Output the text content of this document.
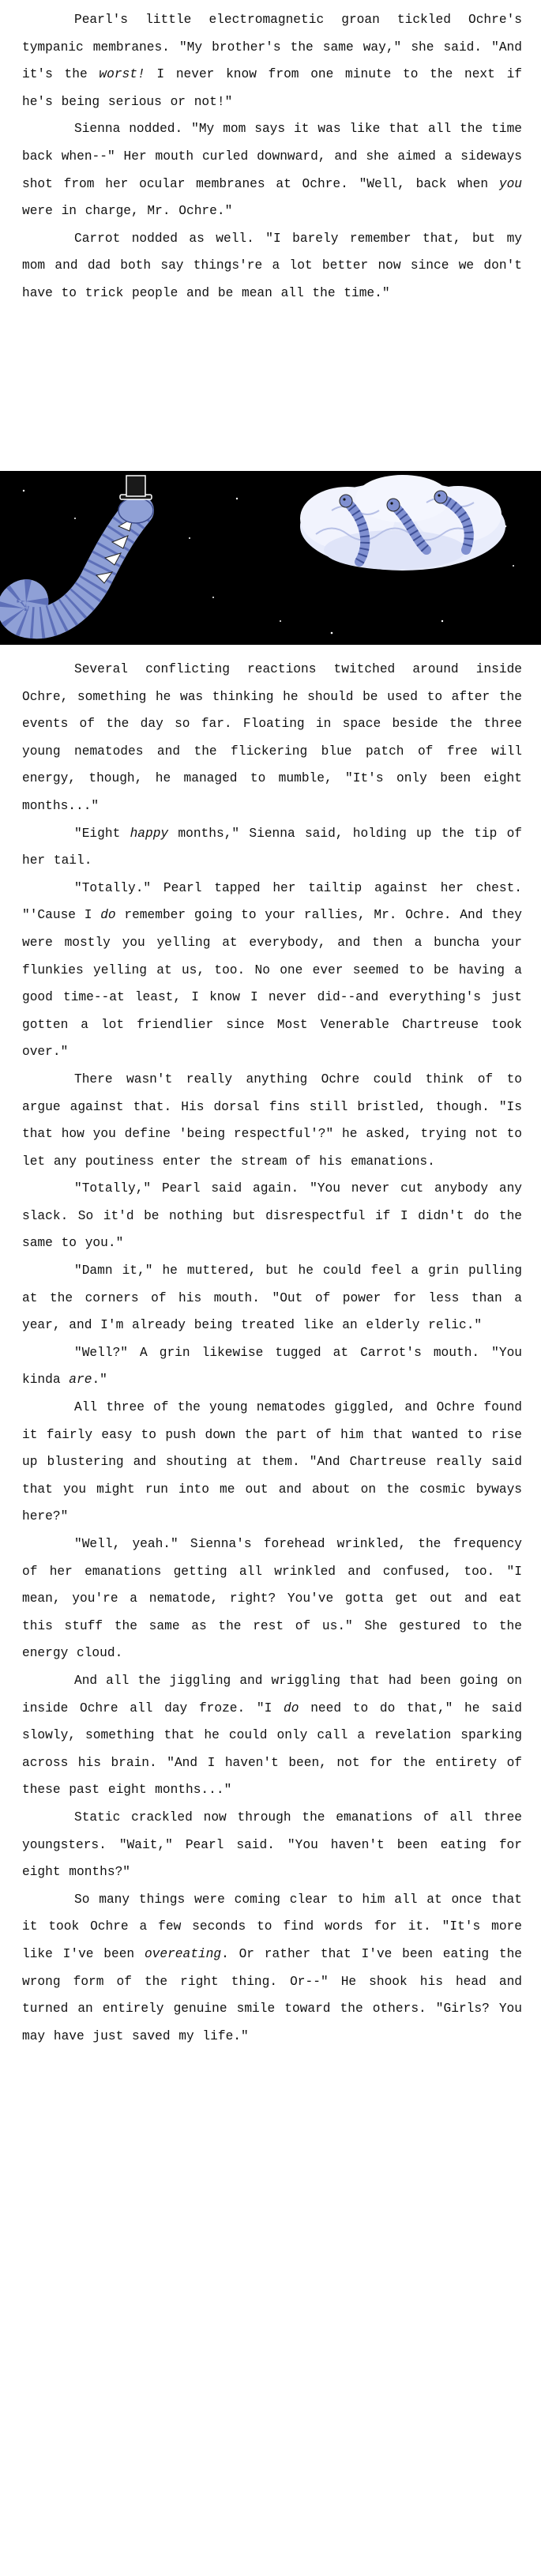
Pearl's little electromagnetic groan tickled Ochre's tympanic membranes. "My brother's the same way," she said. "And it's the worst! I never know from one minute to the next if he's being serious or not!"

Sienna nodded. "My mom says it was like that all the time back when--" Her mouth curled downward, and she aimed a sideways shot from her ocular membranes at Ochre. "Well, back when you were in charge, Mr. Ochre."

Carrot nodded as well. "I barely remember that, but my mom and dad both say things're a lot better now since we don't have to trick people and be mean all the time."

Several conflicting reactions twitched around inside Ochre, something he was thinking he should be used to after the events of the day so far. Floating in space beside the three young nematodes and the flickering blue patch of free will energy, though, he managed to mumble, "It's only been eight months..."

"Eight happy months," Sienna said, holding up the tip of her tail.

"Totally." Pearl tapped her tailtip against her chest. "'Cause I do remember going to your rallies, Mr. Ochre. And they were mostly you yelling at everybody, and then a buncha your flunkies yelling at us, too. No one ever seemed to be having a good time--at least, I know I never did--and everything's just gotten a lot friendlier since Most Venerable Chartreuse took over."

There wasn't really anything Ochre could think of to argue against that. His dorsal fins still bristled, though. "Is that how you define 'being respectful'?" he asked, trying not to let any poutiness enter the stream of his emanations.

"Totally," Pearl said again. "You never cut anybody any slack. So it'd be nothing but disrespectful if I didn't do the same to you."

"Damn it," he muttered, but he could feel a grin pulling at the corners of his mouth. "Out of power for less than a year, and I'm already being treated like an elderly relic."

"Well?" A grin likewise tugged at Carrot's mouth. "You kinda are."

All three of the young nematodes giggled, and Ochre found it fairly easy to push down the part of him that wanted to rise up blustering and shouting at them. "And Chartreuse really said that you might run into me out and about on the cosmic byways here?"

"Well, yeah." Sienna's forehead wrinkled, the frequency of her emanations getting all wrinkled and confused, too. "I mean, you're a nematode, right? You've gotta get out and eat this stuff the same as the rest of us." She gestured to the energy cloud.

And all the jiggling and wriggling that had been going on inside Ochre all day froze. "I do need to do that," he said slowly, something that he could only call a revelation sparking across his brain. "And I haven't been, not for the entirety of these past eight months..."

Static crackled now through the emanations of all three youngsters. "Wait," Pearl said. "You haven't been eating for eight months?"

So many things were coming clear to him all at once that it took Ochre a few seconds to find words for it. "It's more like I've been overeating. Or rather that I've been eating the wrong form of the right thing. Or--" He shook his head and turned an entirely genuine smile toward the others. "Girls? You may have just saved my life."
